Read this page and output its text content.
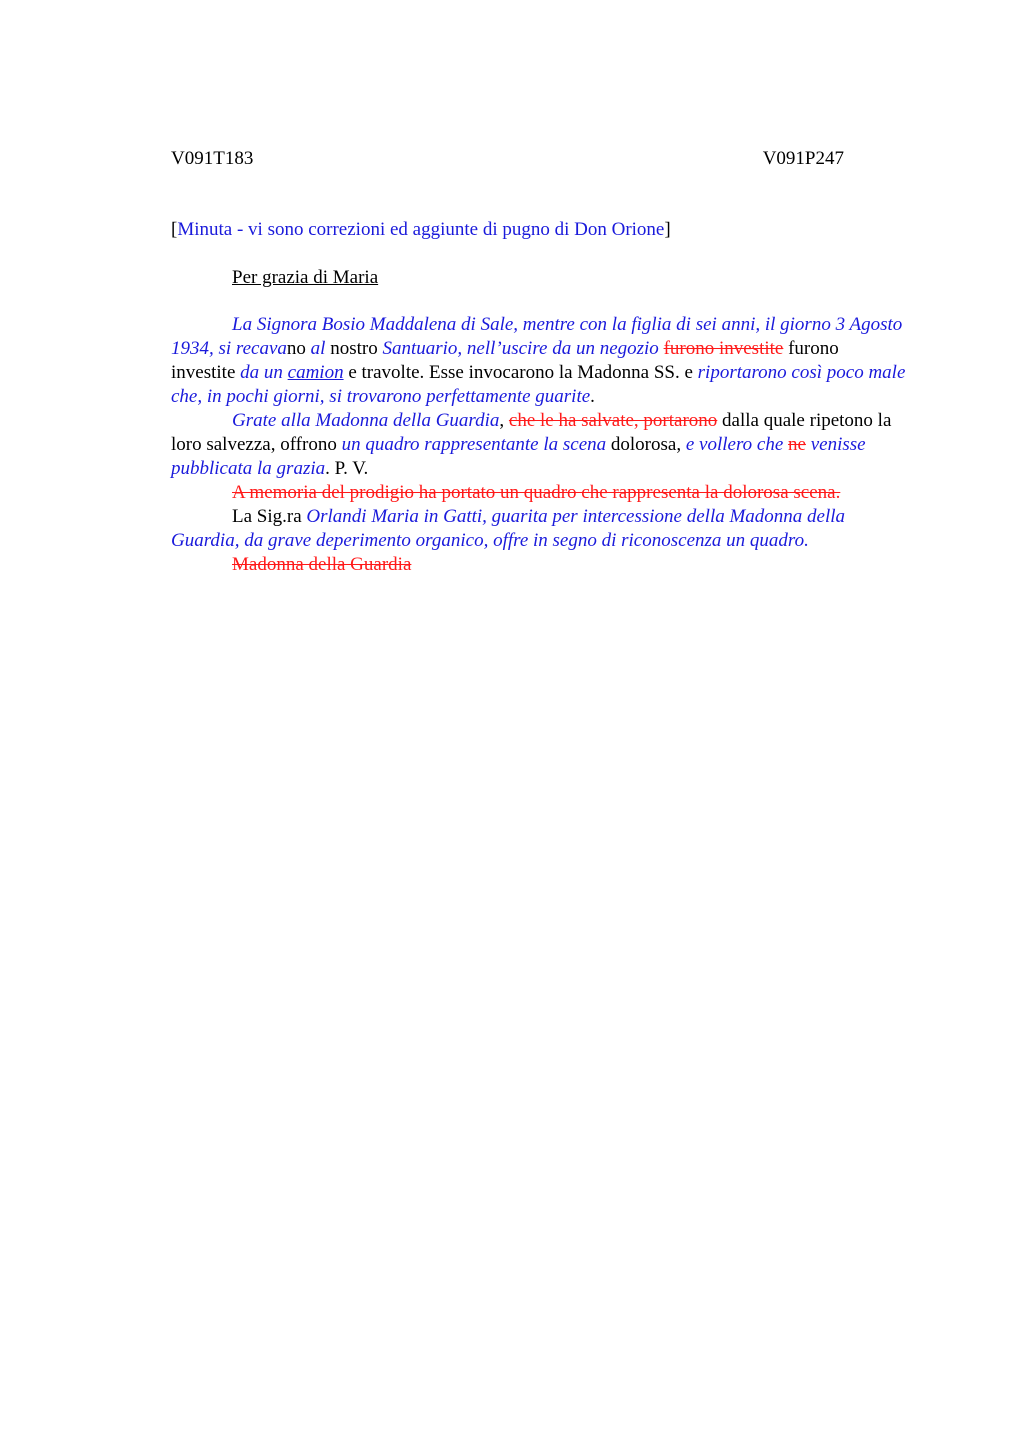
V091T183	V091P247
[Minuta - vi sono correzioni ed aggiunte di pugno di Don Orione]
Per grazia di Maria

La Signora Bosio Maddalena di Sale, mentre con la figlia di sei anni, il giorno 3 Agosto 1934, si recavano al nostro Santuario, nell’uscire da un negozio furono investite furono investite da un camion e travolte. Esse invocarono la Madonna SS. e riportarono così poco male che, in pochi giorni, si trovarono perfettamente guarite.

Grate alla Madonna della Guardia, che le ha salvate, portarono dalla quale ripetono la loro salvezza, offrono un quadro rappresentante la scena dolorosa, e vollero che ne venisse pubblicata la grazia. P. V.

A memoria del prodigio ha portato un quadro che rappresenta la dolorosa scena.

La Sig.ra Orlandi Maria in Gatti, guarita per intercessione della Madonna della Guardia, da grave deperimento organico, offre in segno di riconoscenza un quadro.

Madonna della Guardia
